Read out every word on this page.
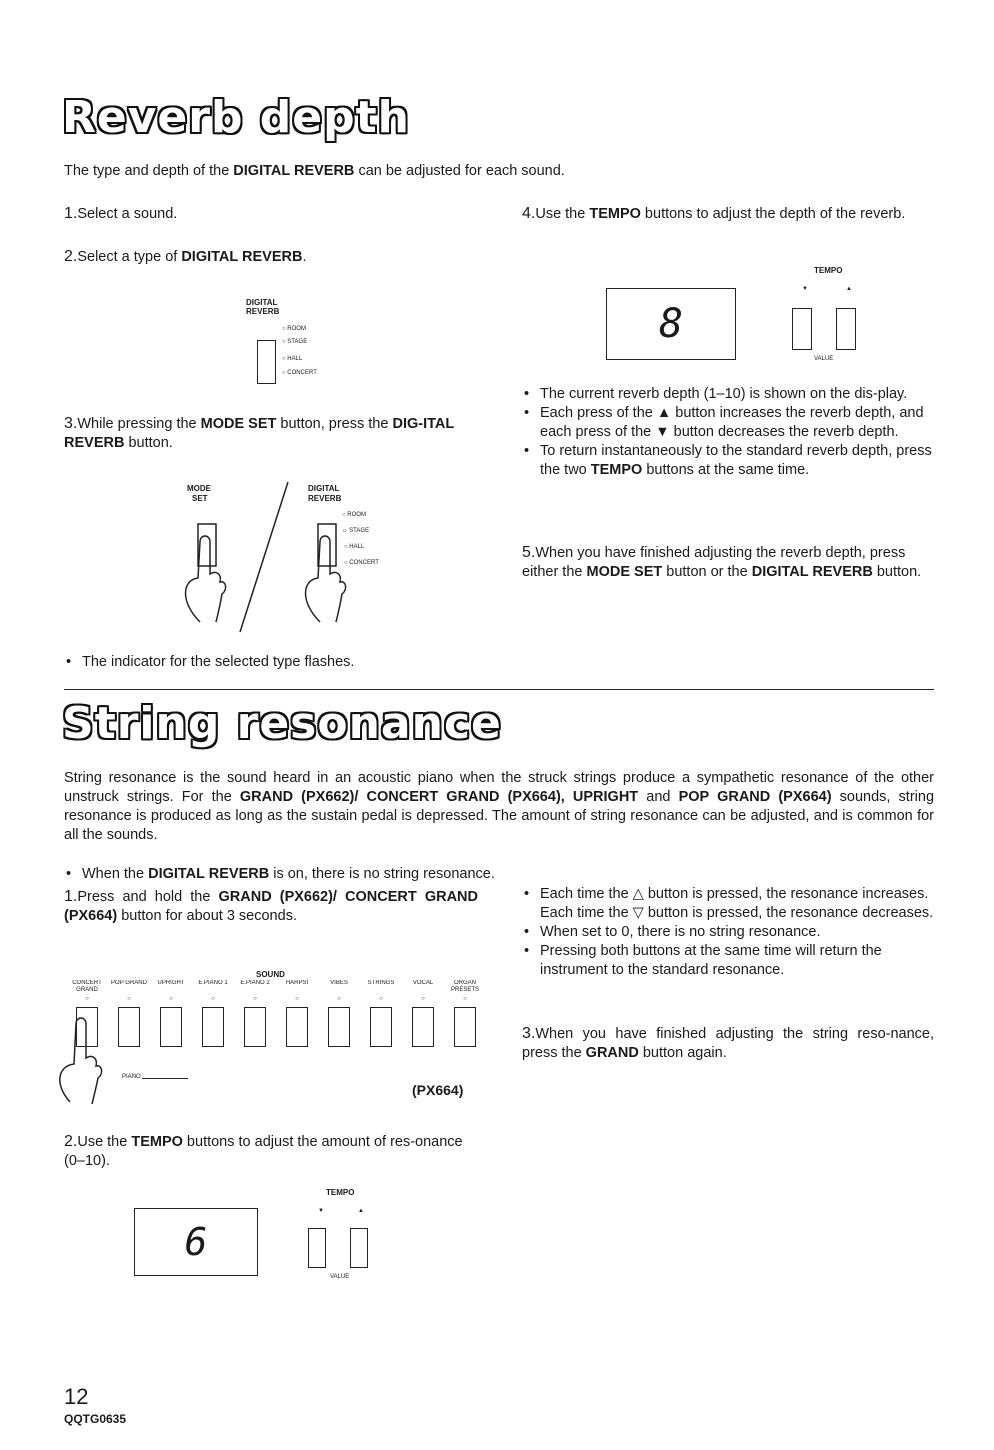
Reverb depth
The type and depth of the DIGITAL REVERB can be adjusted for each sound.
1.Select a sound.
2.Select a type of DIGITAL REVERB.
DIGITAL
REVERB
○ ROOM
○ STAGE
○ HALL
○ CONCERT
3.While pressing the MODE SET button, press the DIG-ITAL REVERB button.
MODE
SET
DIGITAL
REVERB
○ ROOM
☼ STAGE
○ HALL
○ CONCERT
• The indicator for the selected type flashes.
4.Use the TEMPO buttons to adjust the depth of the reverb.
TEMPO
8
▼	▲
VALUE
• The current reverb depth (1–10) is shown on the dis-play.
• Each press of the ▲ button increases the reverb depth, and each press of the ▼ button decreases the reverb depth.
• To return instantaneously to the standard reverb depth, press the two TEMPO buttons at the same time.
5.When you have finished adjusting the reverb depth, press either the MODE SET button or the DIGITAL REVERB button.
String resonance
String resonance is the sound heard in an acoustic piano when the struck strings produce a sympathetic resonance of the other unstruck strings. For the GRAND (PX662)/ CONCERT GRAND (PX664), UPRIGHT and POP GRAND (PX664) sounds, string resonance is produced as long as the sustain pedal is depressed. The amount of string resonance can be adjusted, and is common for all the sounds.
• When the DIGITAL REVERB is on, there is no string resonance.
1.Press and hold the GRAND (PX662)/ CONCERT GRAND (PX664) button for about 3 seconds.
SOUND
CONCERT GRAND
○
POP GRAND
○
UPRIGHT
○
E.PIANO 1
○
E.PIANO 2
○
HARPSI
○
VIBES
○
STRINGS
○
VOCAL
○
ORGAN PRESETS
○
PIANO
(PX664)
2.Use the TEMPO buttons to adjust the amount of res-onance (0–10).
TEMPO
6
▼	▲
VALUE
• Each time the △ button is pressed, the resonance increases. Each time the ▽ button is pressed, the resonance decreases.
• When set to 0, there is no string resonance.
• Pressing both buttons at the same time will return the instrument to the standard resonance.
3.When you have finished adjusting the string reso-nance, press the GRAND button again.
12
QQTG0635
